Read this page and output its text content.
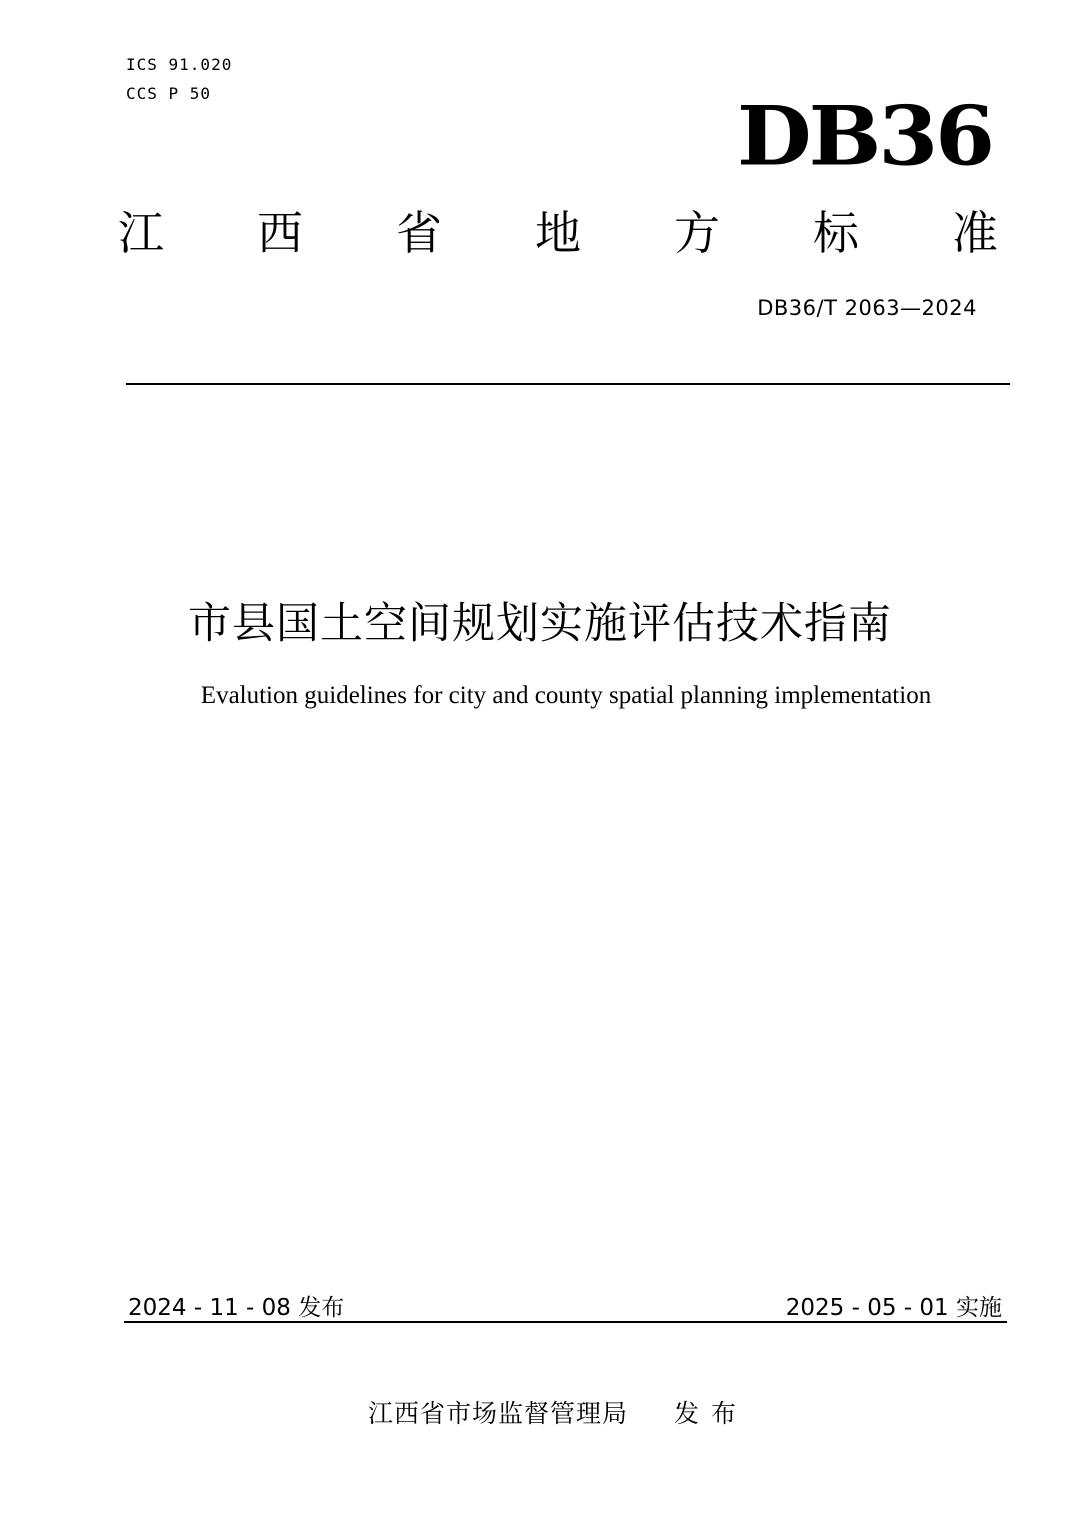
ICS 91.020
CCS P 50	DB36
江 西 省 地 方 标 准
DB36/T 2063—2024
市县国土空间规划实施评估技术指南
Evalution guidelines for city and county spatial planning implementation
2024 - 11 - 08 发布	2025 - 05 - 01 实施
江西省市场监督管理局 发布
